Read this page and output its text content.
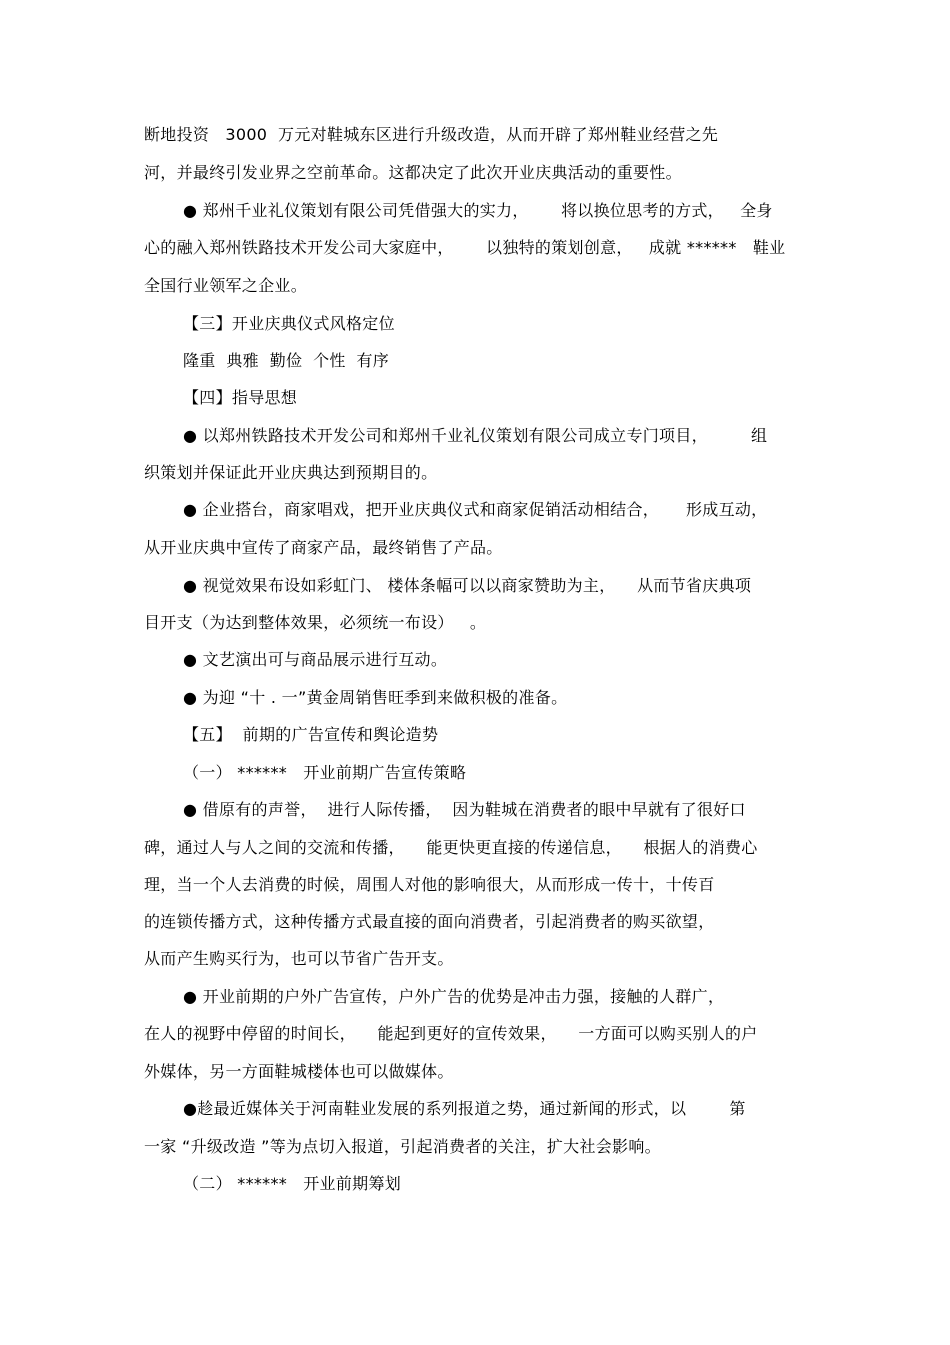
断地投资   3000  万元对鞋城东区进行升级改造，从而开辟了郑州鞋业经营之先
河，并最终引发业界之空前革命。这都决定了此次开业庆典活动的重要性。
● 郑州千业礼仪策划有限公司凭借强大的实力，      将以换位思考的方式，   全身
心的融入郑州铁路技术开发公司大家庭中，      以独特的策划创意，   成就 ******   鞋业
全国行业领军之企业。
【三】开业庆典仪式风格定位
隆重  典雅  勤俭  个性  有序
【四】指导思想
● 以郑州铁路技术开发公司和郑州千业礼仪策划有限公司成立专门项目，        组
织策划并保证此开业庆典达到预期目的。
● 企业搭台，商家唱戏，把开业庆典仪式和商家促销活动相结合，     形成互动，
从开业庆典中宣传了商家产品，最终销售了产品。
● 视觉效果布设如彩虹门、 楼体条幅可以以商家赞助为主，    从而节省庆典项
目开支（为达到整体效果，必须统一布设）   。
● 文艺演出可与商品展示进行互动。
● 为迎 “十 . 一”黄金周销售旺季到来做积极的准备。
【五】  前期的广告宣传和舆论造势
（一） ******   开业前期广告宣传策略
● 借原有的声誉，  进行人际传播，  因为鞋城在消费者的眼中早就有了很好口
碑，通过人与人之间的交流和传播，    能更快更直接的传递信息，    根据人的消费心
理，当一个人去消费的时候，周围人对他的影响很大，从而形成一传十，十传百
的连锁传播方式，这种传播方式最直接的面向消费者，引起消费者的购买欲望，
从而产生购买行为，也可以节省广告开支。
● 开业前期的户外广告宣传，户外广告的优势是冲击力强，接触的人群广，
在人的视野中停留的时间长，    能起到更好的宣传效果，    一方面可以购买别人的户
外媒体，另一方面鞋城楼体也可以做媒体。
●趁最近媒体关于河南鞋业发展的系列报道之势，通过新闻的形式，以        第
一家 “升级改造 ”等为点切入报道，引起消费者的关注，扩大社会影响。
（二） ******   开业前期筹划
